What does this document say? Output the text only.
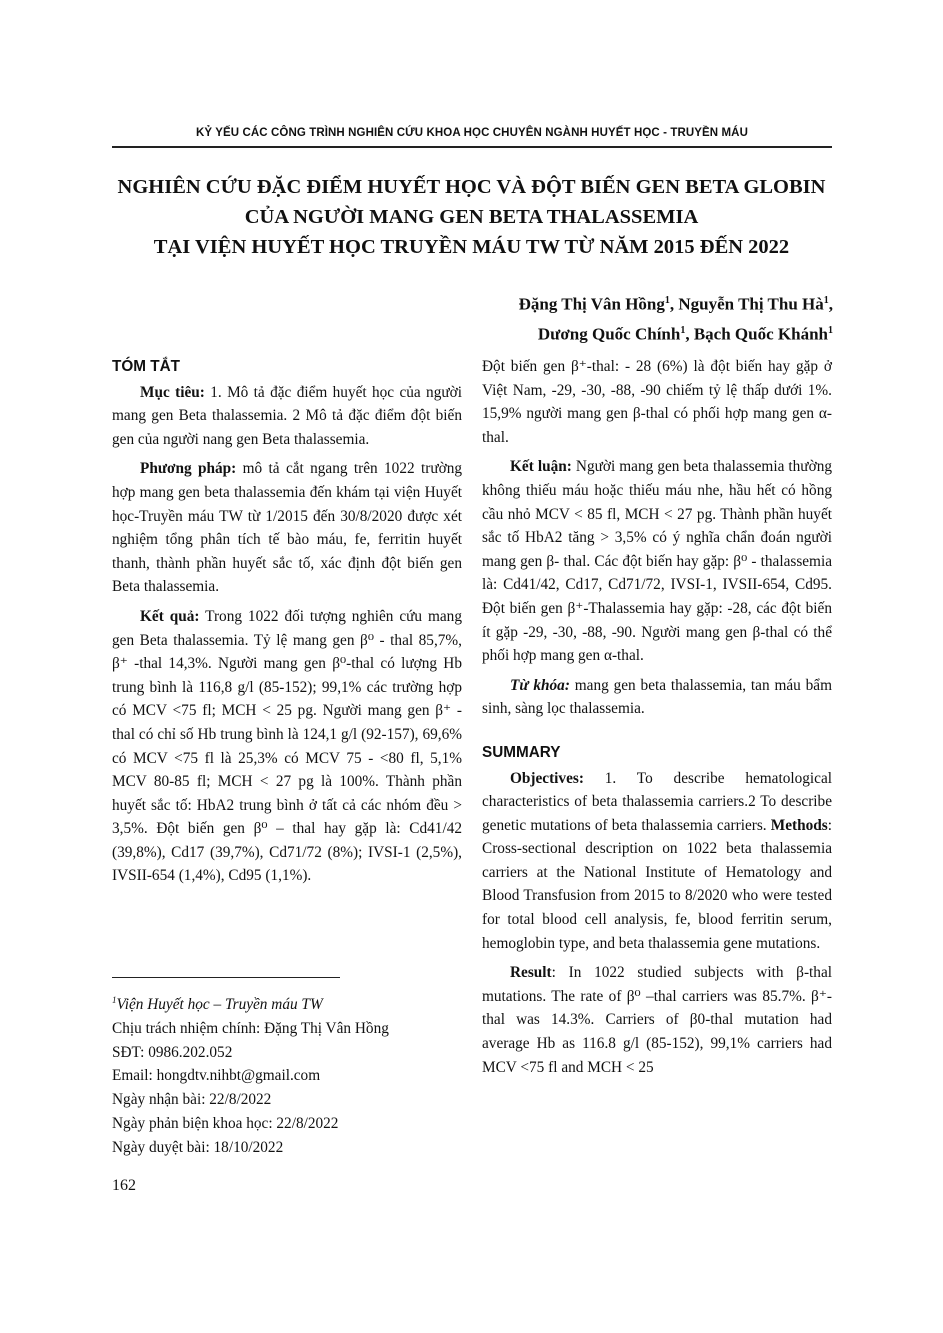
KỶ YẾU CÁC CÔNG TRÌNH NGHIÊN CỨU KHOA HỌC CHUYÊN NGÀNH HUYẾT HỌC - TRUYỀN MÁU
NGHIÊN CỨU ĐẶC ĐIỂM HUYẾT HỌC VÀ ĐỘT BIẾN GEN BETA GLOBIN
CỦA NGƯỜI MANG GEN BETA THALASSEMIA
TẠI VIỆN HUYẾT HỌC TRUYỀN MÁU TW TỪ NĂM 2015 ĐẾN 2022
Đặng Thị Vân Hồng$^1$, Nguyễn Thị Thu $Hà^1$,
Dương Quốc Chính$^1$, Bạch Quốc Khánh$^1$
TÓM TẮT

Mục tiêu: 1. Mô tả đặc điểm huyết học của người mang gen Beta thalassemia. 2 Mô tả đặc điểm đột biến gen của người nang gen Beta thalassemia.

Phương pháp: mô tả cắt ngang trên 1022 trường hợp mang gen beta thalassemia đến khám tại viện Huyết học-Truyền máu TW từ 1/2015 đến 30/8/2020 được xét nghiệm tổng phân tích tế bào máu, fe, ferritin huyết thanh, thành phần huyết sắc tố, xác định đột biến gen Beta thalassemia.

Kết quả: Trong 1022 đối tượng nghiên cứu mang gen Beta thalassemia. Tỷ lệ mang gen β⁰ - thal 85,7%, β⁺ -thal 14,3%. Người mang gen β⁰-thal có lượng Hb trung bình là 116,8 g/l (85-152); 99,1% các trường hợp có MCV <75 fl; MCH < 25 pg. Người mang gen β⁺ - thal có chỉ số Hb trung bình là 124,1 g/l (92-157), 69,6% có MCV <75 fl là 25,3% có MCV 75 - <80 fl, 5,1% MCV 80-85 fl; MCH < 27 pg là 100%. Thành phần huyết sắc tố: HbA2 trung bình ở tất cả các nhóm đều > 3,5%. Đột biến gen β⁰ – thal hay gặp là: Cd41/42 (39,8%), Cd17 (39,7%), Cd71/72 (8%); IVSI-1 (2,5%), IVSII-654 (1,4%), Cd95 (1,1%).

$^1$Viện Huyết học – Truyền máu TW
Chịu trách nhiệm chính: Đặng Thị Vân Hồng
SĐT: 0986.202.052
Email: hongdtv.nihbt@gmail.com
Ngày nhận bài: 22/8/2022
Ngày phản biện khoa học: 22/8/2022
Ngày duyệt bài: 18/10/2022

Đột biến gen β⁺-thal: - 28 (6%) là đột biến hay gặp ở Việt Nam, -29, -30, -88, -90 chiếm tỷ lệ thấp dưới 1%. 15,9% người mang gen β-thal có phối hợp mang gen α-thal.

Kết luận: Người mang gen beta thalassemia thường không thiếu máu hoặc thiếu máu nhe, hầu hết có hồng cầu nhỏ MCV < 85 fl, MCH < 27 pg. Thành phần huyết sắc tố HbA2 tăng > 3,5% có ý nghĩa chẩn đoán người mang gen β- thal. Các đột biến hay gặp: β⁰ - thalassemia là: Cd41/42, Cd17, Cd71/72, IVSI-1, IVSII-654, Cd95. Đột biến gen β⁺-Thalassemia hay gặp: -28, các đột biến ít gặp -29, -30, -88, -90. Người mang gen β-thal có thể phối hợp mang gen α-thal.

Từ khóa: mang gen beta thalassemia, tan máu bẩm sinh, sàng lọc thalassemia.

SUMMARY

Objectives: 1. To describe hematological characteristics of beta thalassemia carriers.2 To describe genetic mutations of beta thalassemia carriers. Methods: Cross-sectional description on 1022 beta thalassemia carriers at the National Institute of Hematology and Blood Transfusion from 2015 to 8/2020 who were tested for total blood cell analysis, fe, blood ferritin serum, hemoglobin type, and beta thalassemia gene mutations.

Result: In 1022 studied subjects with β-thal mutations. The rate of β⁰ –thal carriers was 85.7%. β⁺-thal was 14.3%. Carriers of β0-thal mutation had average Hb as 116.8 g/l (85-152), 99,1% carriers had MCV <75 fl and MCH < 25

162
